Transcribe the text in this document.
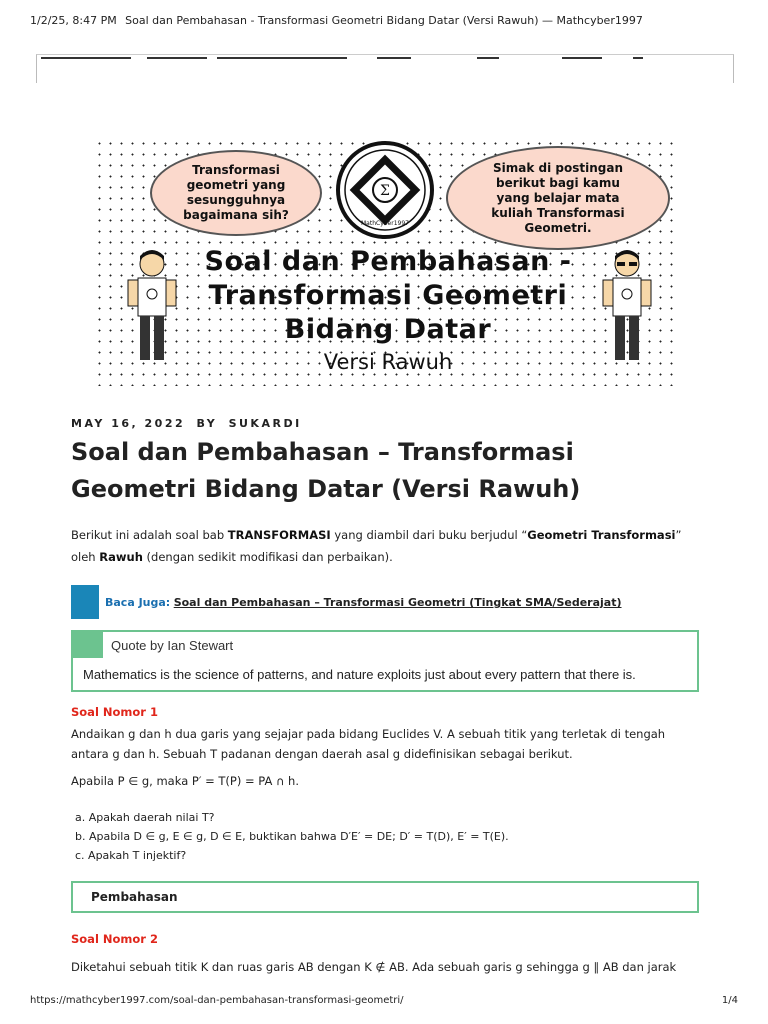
1/2/25, 8:47 PM Soal dan Pembahasan - Transformasi Geometri Bidang Datar (Versi Rawuh) — Mathcyber1997
Transformasi geometri yang sesungguhnya bagaimana sih?
Simak di postingan berikut bagi kamu yang belajar mata kuliah Transformasi Geometri.
Σ
MathCyber1997
Soal dan Pembahasan -
Transformasi Geometri
Bidang Datar
Versi Rawuh
MAY 16, 2022 BY SUKARDI
Soal dan Pembahasan – Transformasi Geometri Bidang Datar (Versi Rawuh)
Berikut ini adalah soal bab TRANSFORMASI yang diambil dari buku berjudul “Geometri Transformasi” oleh Rawuh (dengan sedikit modifikasi dan perbaikan).
Baca Juga: Soal dan Pembahasan – Transformasi Geometri (Tingkat SMA/Sederajat)
Quote by Ian Stewart
Mathematics is the science of patterns, and nature exploits just about every pattern that there is.
Soal Nomor 1
Andaikan g dan h dua garis yang sejajar pada bidang Euclides V. A sebuah titik yang terletak di tengah
antara g dan h. Sebuah T padanan dengan daerah asal g didefinisikan sebagai berikut.
Apabila P ∈ g, maka P′ = T(P) = PA ∩ h.
a. Apakah daerah nilai T?
b. Apabila D ∈ g, E ∈ g, D ∈ E, buktikan bahwa D′E′ = DE; D′ = T(D), E′ = T(E).
c. Apakah T injektif?
Pembahasan
Soal Nomor 2
Diketahui sebuah titik K dan ruas garis AB dengan K ∉ AB. Ada sebuah garis g sehingga g ∥ AB dan jarak
https://mathcyber1997.com/soal-dan-pembahasan-transformasi-geometri/	1/4
